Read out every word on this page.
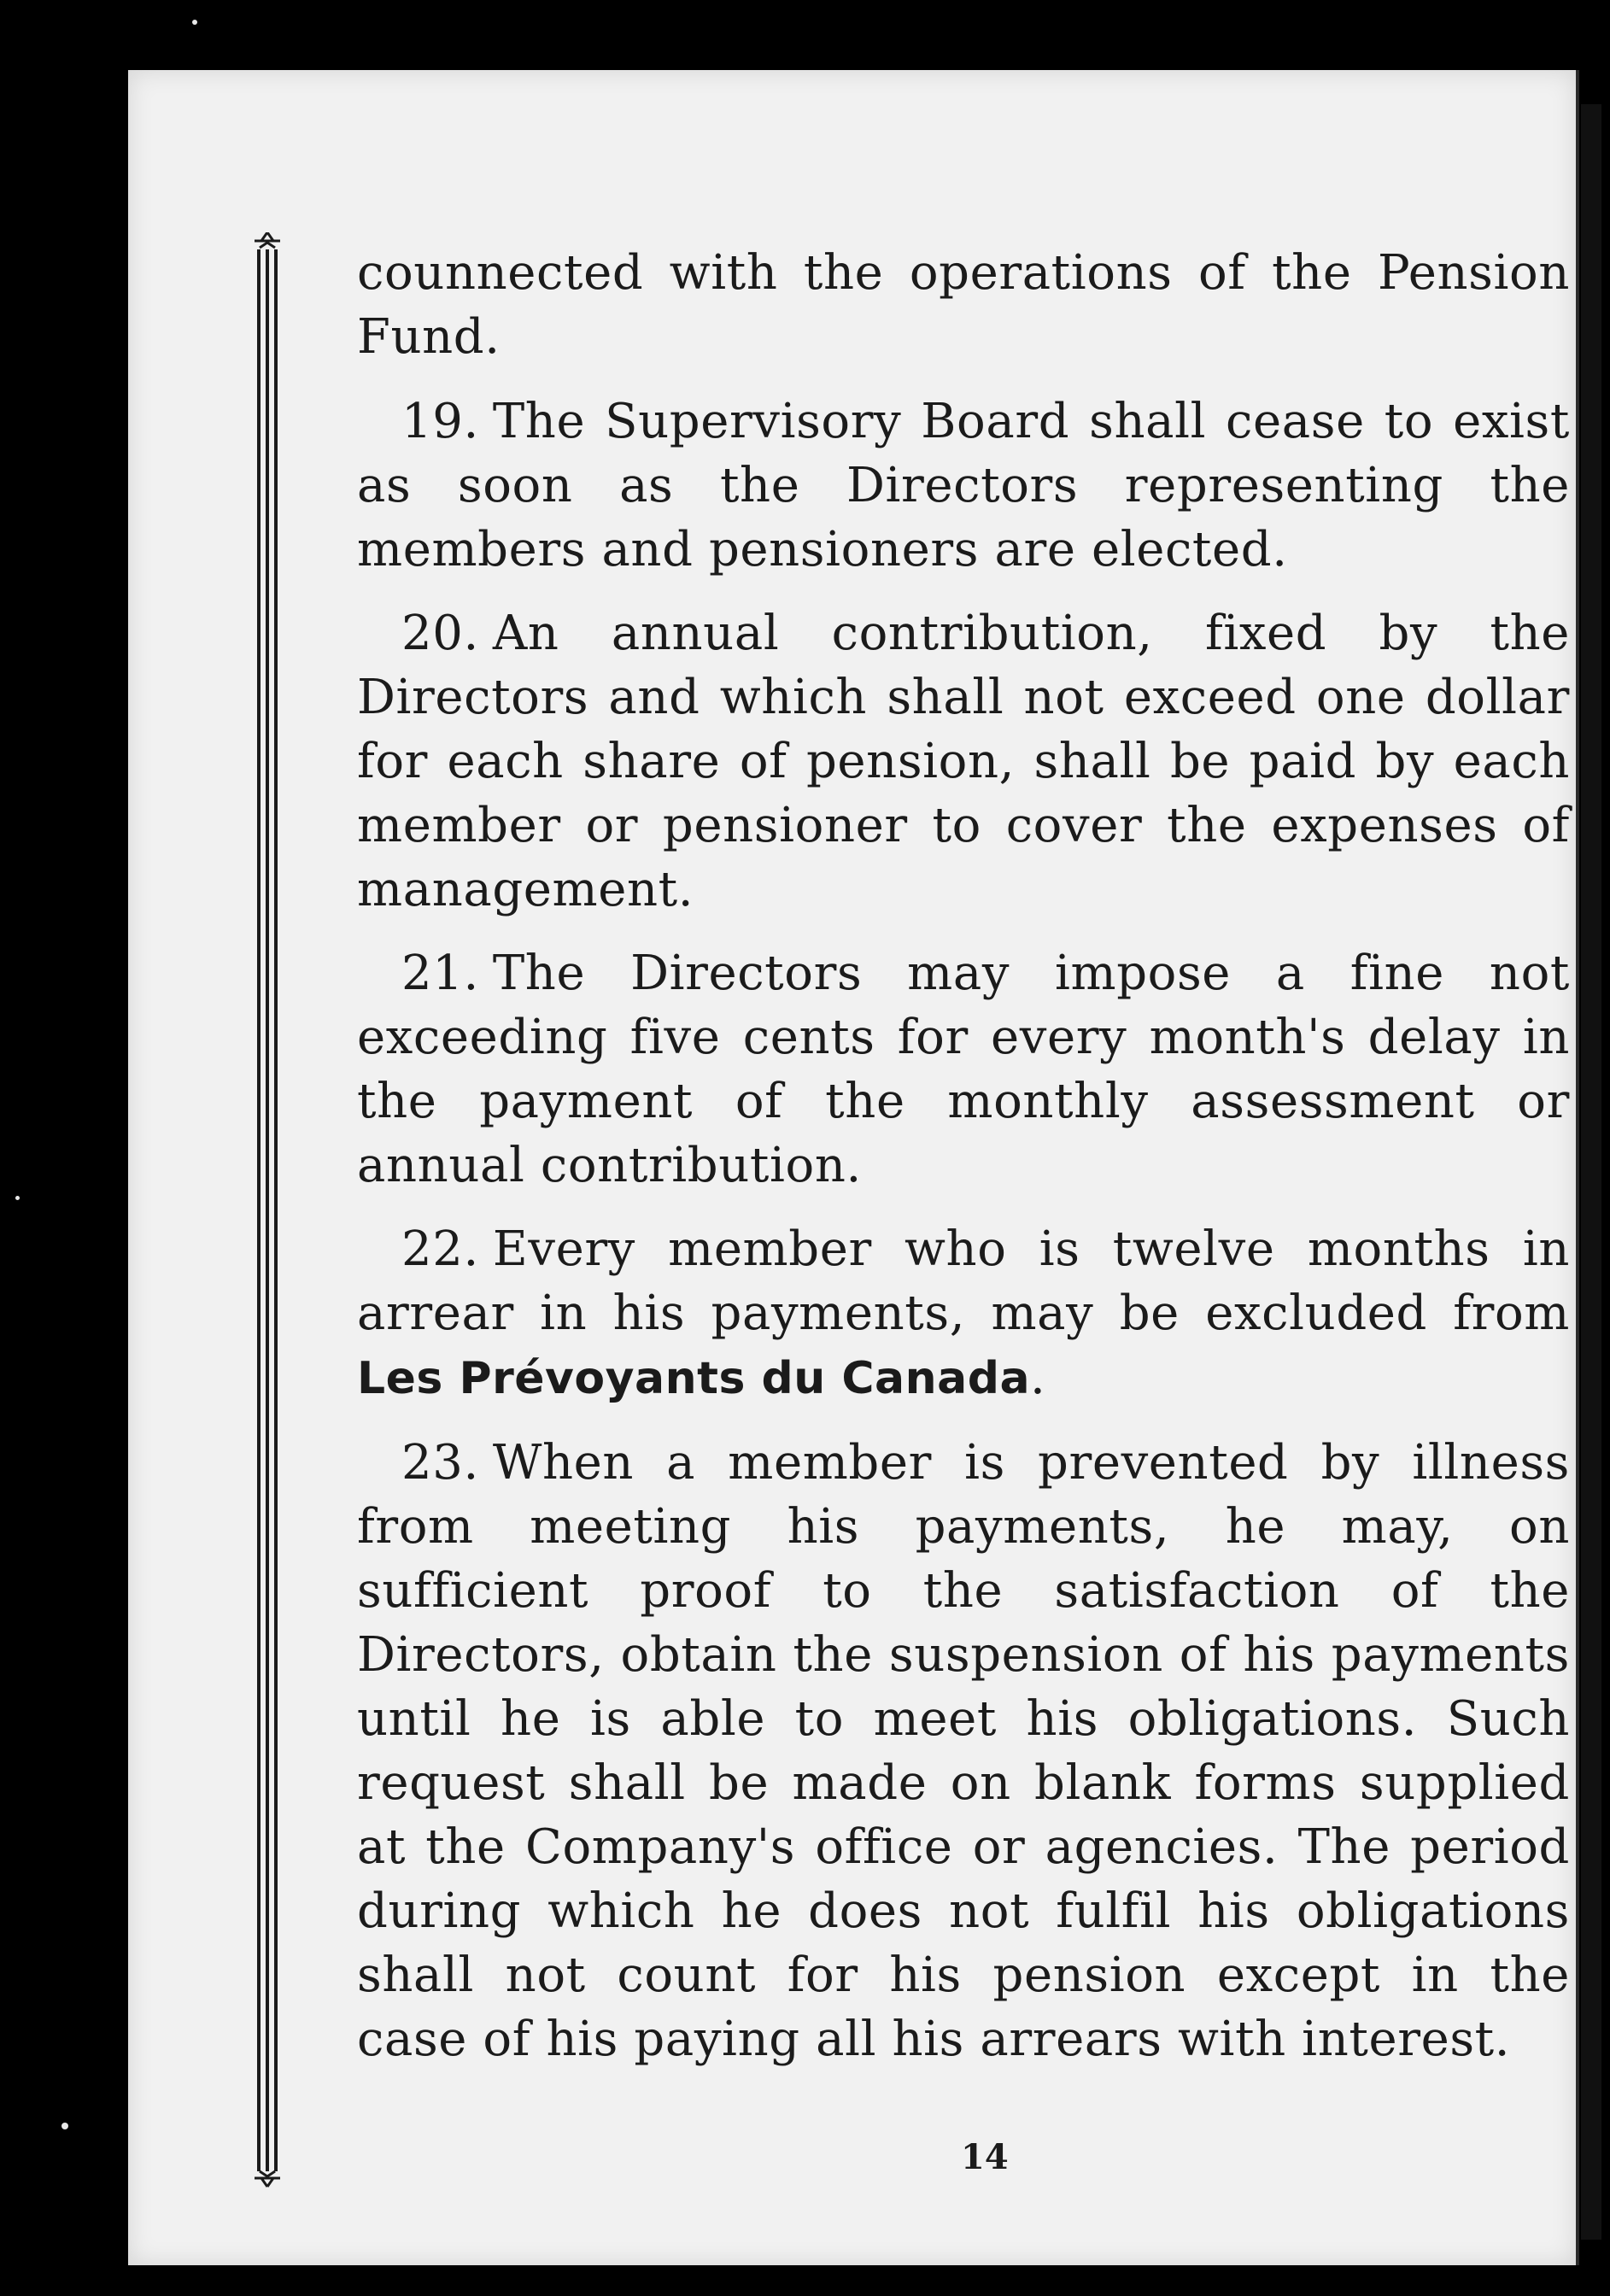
counnected with the operations of the Pension Fund.

19. The Supervisory Board shall cease to exist as soon as the Directors representing the members and pensioners are elected.

20. An annual contribution, fixed by the Directors and which shall not exceed one dollar for each share of pension, shall be paid by each member or pensioner to cover the expenses of management.

21. The Directors may impose a fine not exceeding five cents for every month's delay in the payment of the monthly assessment or annual contribution.

22. Every member who is twelve months in arrear in his payments, may be excluded from Les Prévoyants du Canada.

23. When a member is prevented by illness from meeting his payments, he may, on sufficient proof to the satisfaction of the Directors, obtain the suspension of his payments until he is able to meet his obligations. Such request shall be made on blank forms supplied at the Company's office or agencies. The period during which he does not fulfil his obligations shall not count for his pension except in the case of his paying all his arrears with interest.

14
